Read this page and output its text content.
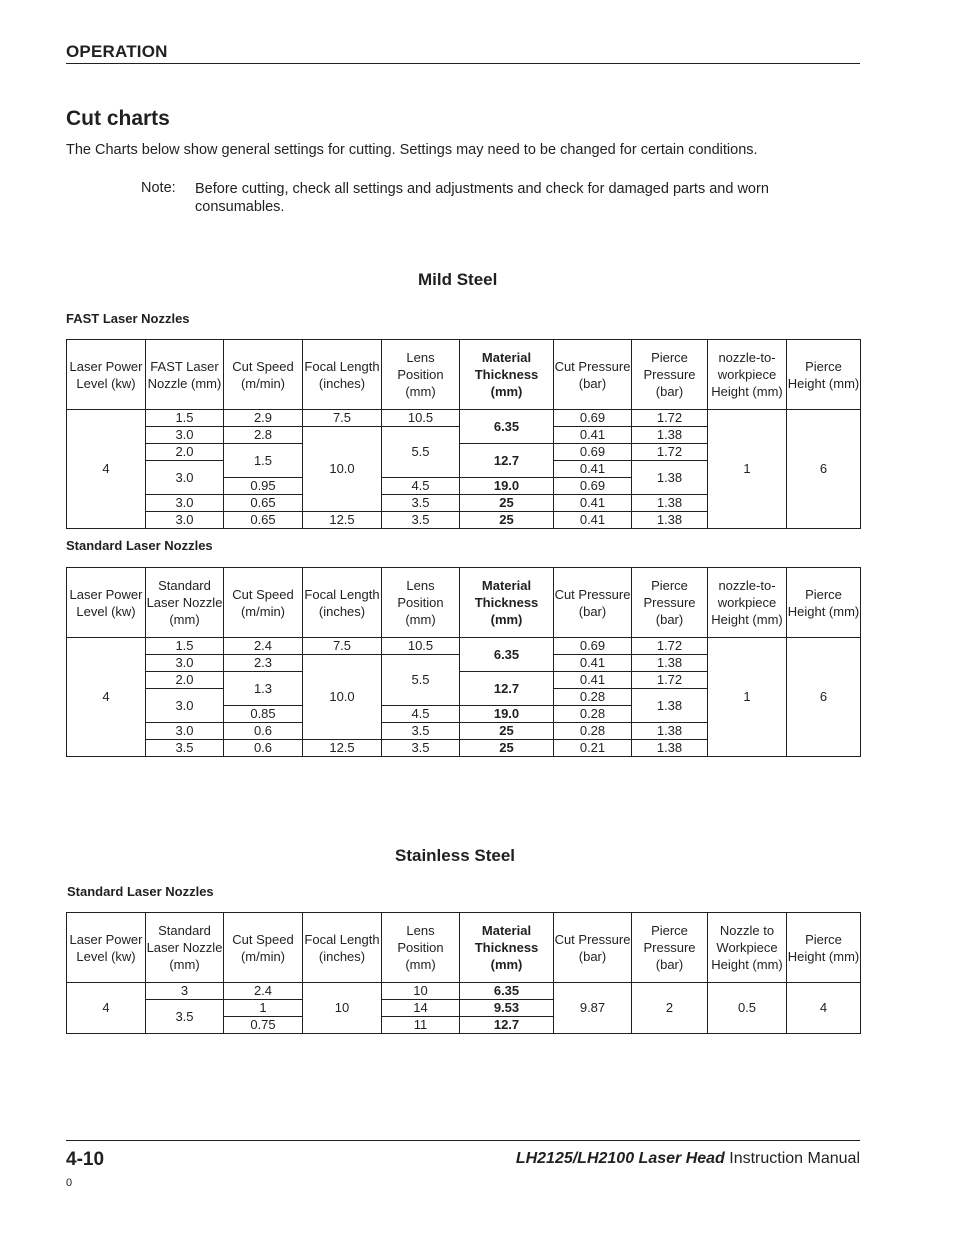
OPERATION
Cut charts
The Charts below show general settings for cutting. Settings may need to be changed for certain conditions.
Note: Before cutting, check all settings and adjustments and check for damaged parts and worn consumables.
Mild Steel
FAST Laser Nozzles
Laser Power Level (kw)	FAST Laser Nozzle (mm)	Cut Speed (m/min)	Focal Length (inches)	Lens Position (mm)	Material Thickness (mm)	Cut Pressure (bar)	Pierce Pressure (bar)	nozzle-to-workpiece Height (mm)	Pierce Height (mm)
4	1.5	2.9	7.5	10.5	6.35	0.69	1.72	1	6
	3.0	2.8	10.0	5.5		0.41	1.38		
	2.0	1.5			12.7	0.69	1.72		
	3.0					0.41	1.38		
		0.95		4.5	19.0	0.69			
	3.0	0.65		3.5	25	0.41	1.38		
	3.0	0.65	12.5	3.5	25	0.41	1.38		
Standard Laser Nozzles
Laser Power Level (kw)	Standard Laser Nozzle (mm)	Cut Speed (m/min)	Focal Length (inches)	Lens Position (mm)	Material Thickness (mm)	Cut Pressure (bar)	Pierce Pressure (bar)	nozzle-to-workpiece Height (mm)	Pierce Height (mm)
4	1.5	2.4	7.5	10.5	6.35	0.69	1.72	1	6
	3.0	2.3	10.0	5.5		0.41	1.38		
	2.0	1.3			12.7	0.41	1.72		
	3.0					0.28	1.38		
		0.85		4.5	19.0	0.28			
	3.0	0.6		3.5	25	0.28	1.38		
	3.5	0.6	12.5	3.5	25	0.21	1.38		
Stainless Steel
Standard Laser Nozzles
Laser Power Level (kw)	Standard Laser Nozzle (mm)	Cut Speed (m/min)	Focal Length (inches)	Lens Position (mm)	Material Thickness (mm)	Cut Pressure (bar)	Pierce Pressure (bar)	Nozzle to Workpiece Height (mm)	Pierce Height (mm)
4	3	2.4	10	10	6.35	9.87	2	0.5	4
	3.5	1		14	9.53				
		0.75		11	12.7				
4-10	LH2125/LH2100 Laser Head Instruction Manual
0
